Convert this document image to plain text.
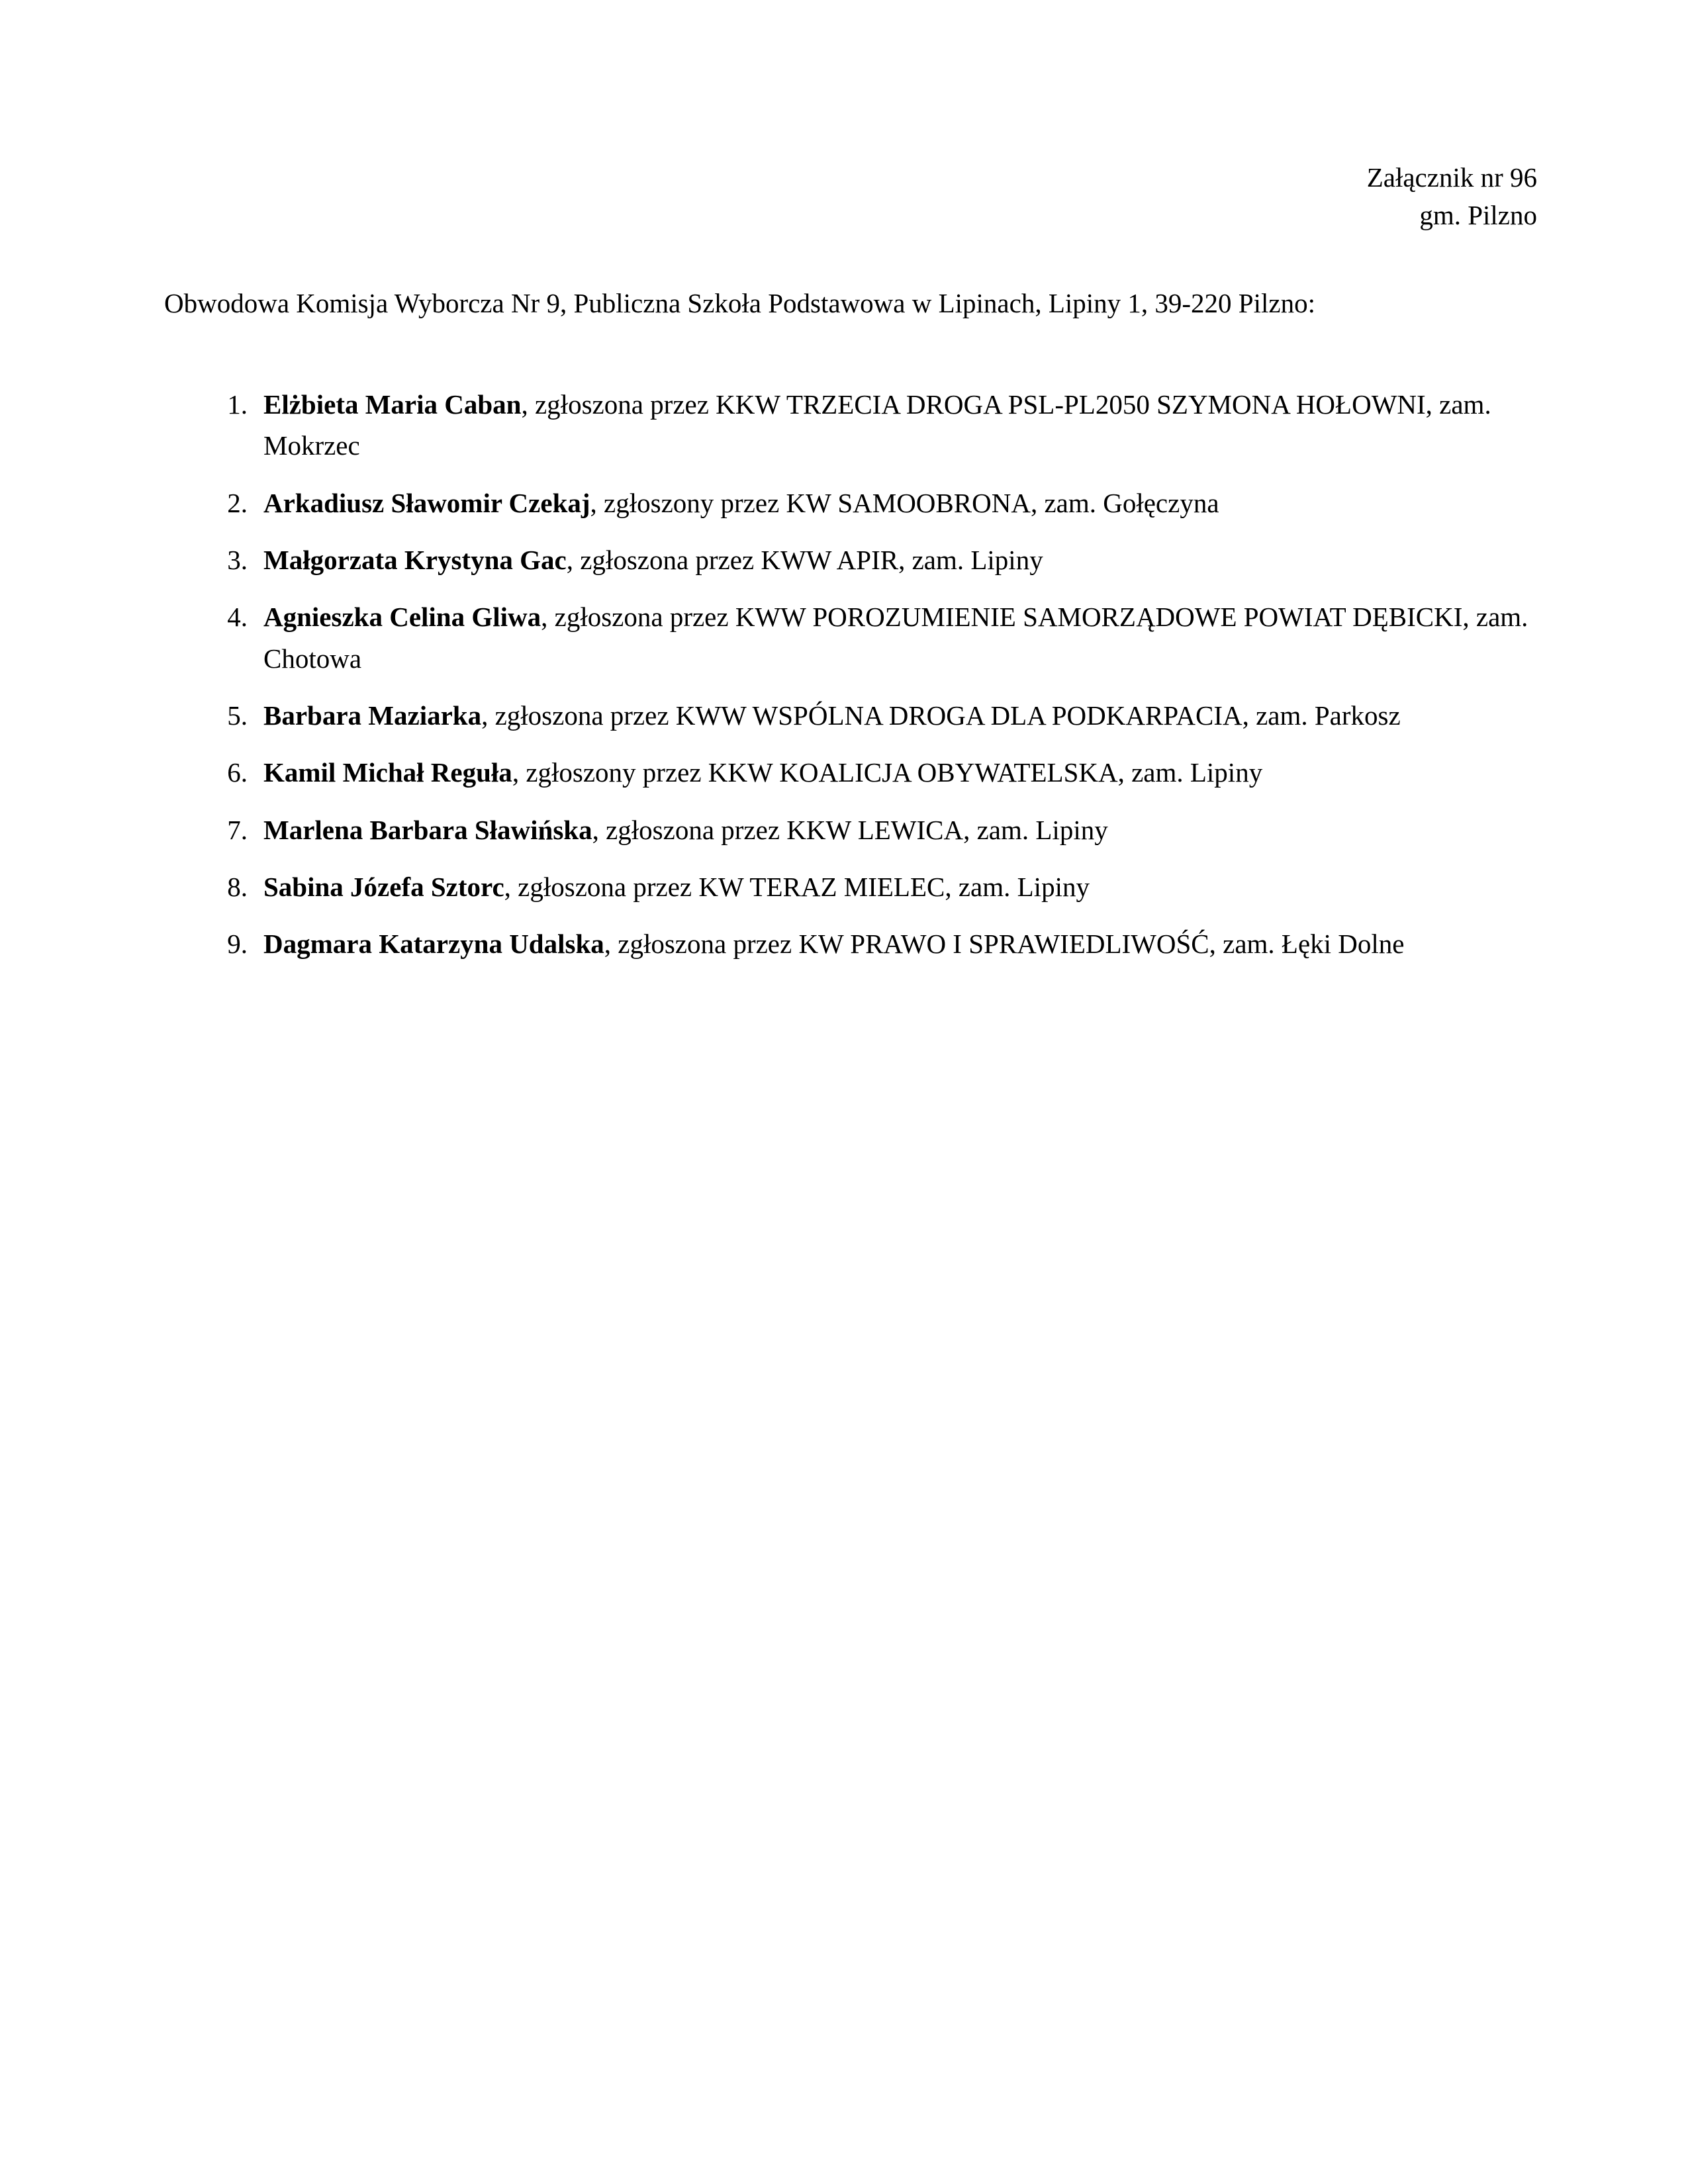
Załącznik nr 96
gm. Pilzno
Obwodowa Komisja Wyborcza Nr 9, Publiczna Szkoła Podstawowa w Lipinach, Lipiny 1, 39-220 Pilzno:
1. Elżbieta Maria Caban, zgłoszona przez KKW TRZECIA DROGA PSL-PL2050 SZYMONA HOŁOWNI, zam. Mokrzec
2. Arkadiusz Sławomir Czekaj, zgłoszony przez KW SAMOOBRONA, zam. Gołęczyna
3. Małgorzata Krystyna Gac, zgłoszona przez KWW APIR, zam. Lipiny
4. Agnieszka Celina Gliwa, zgłoszona przez KWW POROZUMIENIE SAMORZĄDOWE POWIAT DĘBICKI, zam. Chotowa
5. Barbara Maziarka, zgłoszona przez KWW WSPÓLNA DROGA DLA PODKARPACIA, zam. Parkosz
6. Kamil Michał Reguła, zgłoszony przez KKW KOALICJA OBYWATELSKA, zam. Lipiny
7. Marlena Barbara Sławińska, zgłoszona przez KKW LEWICA, zam. Lipiny
8. Sabina Józefa Sztorc, zgłoszona przez KW TERAZ MIELEC, zam. Lipiny
9. Dagmara Katarzyna Udalska, zgłoszona przez KW PRAWO I SPRAWIEDLIWOŚĆ, zam. Łęki Dolne
